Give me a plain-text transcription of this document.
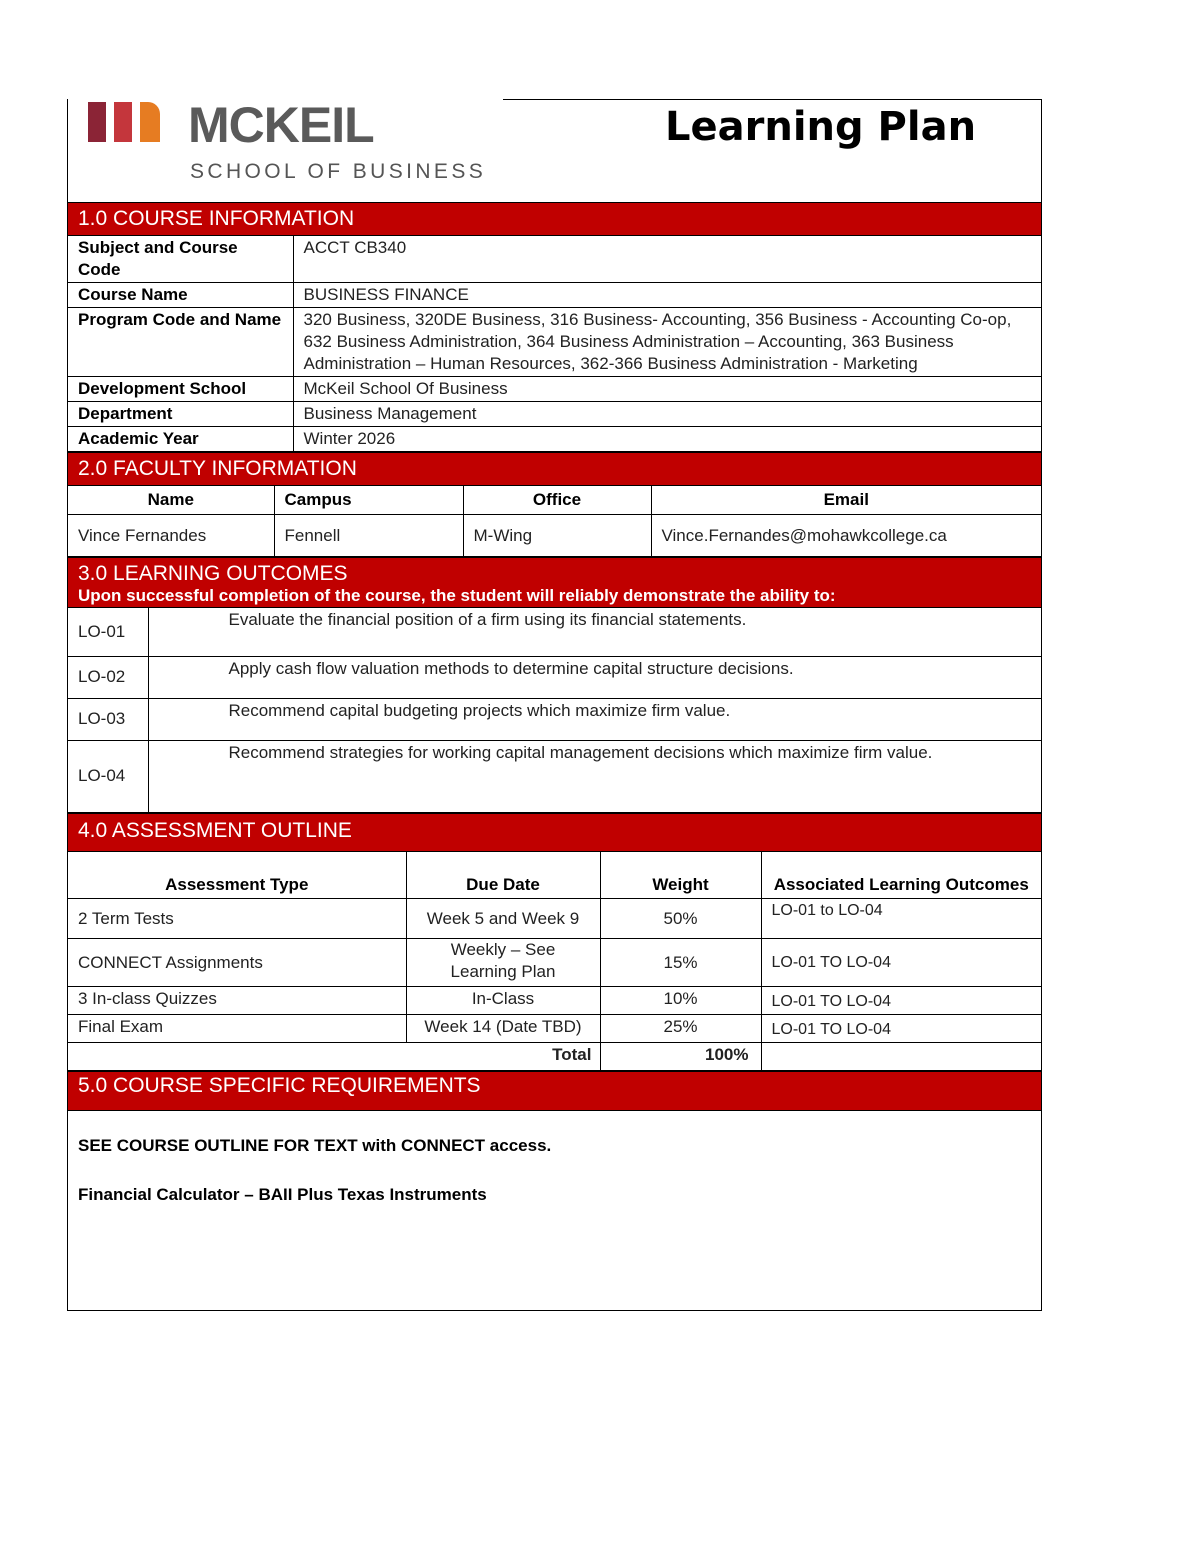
MCKEIL
SCHOOL OF BUSINESS
Learning Plan
1.0 COURSE INFORMATION
Subject and Course Code	ACCT CB340
Course Name	BUSINESS FINANCE
Program Code and Name	320 Business, 320DE Business, 316 Business- Accounting, 356 Business - Accounting Co-op, 632 Business Administration, 364 Business Administration – Accounting, 363 Business Administration – Human Resources, 362-366 Business Administration - Marketing
Development School	McKeil School Of Business
Department	Business Management
Academic Year	Winter 2026
2.0 FACULTY INFORMATION
Name	Campus	Office	Email
Vince Fernandes	Fennell	M-Wing	Vince.Fernandes@mohawkcollege.ca
3.0 LEARNING OUTCOMES
Upon successful completion of the course, the student will reliably demonstrate the ability to:
LO-01	Evaluate the financial position of a firm using its financial statements.
LO-02	Apply cash flow valuation methods to determine capital structure decisions.
LO-03	Recommend capital budgeting projects which maximize firm value.
LO-04	Recommend strategies for working capital management decisions which maximize firm value.
4.0 ASSESSMENT OUTLINE
Assessment Type	Due Date	Weight	Associated Learning Outcomes
2 Term Tests	Week 5 and Week 9	50%	LO-01 to LO-04
CONNECT Assignments	Weekly – See Learning Plan	15%	LO-01 TO LO-04
3 In-class Quizzes	In-Class	10%	LO-01 TO LO-04
Final Exam	Week 14 (Date TBD)	25%	LO-01 TO LO-04
	Total	100%	
5.0 COURSE SPECIFIC REQUIREMENTS

SEE COURSE OUTLINE FOR TEXT with CONNECT access.

Financial Calculator – BAII Plus Texas Instruments
